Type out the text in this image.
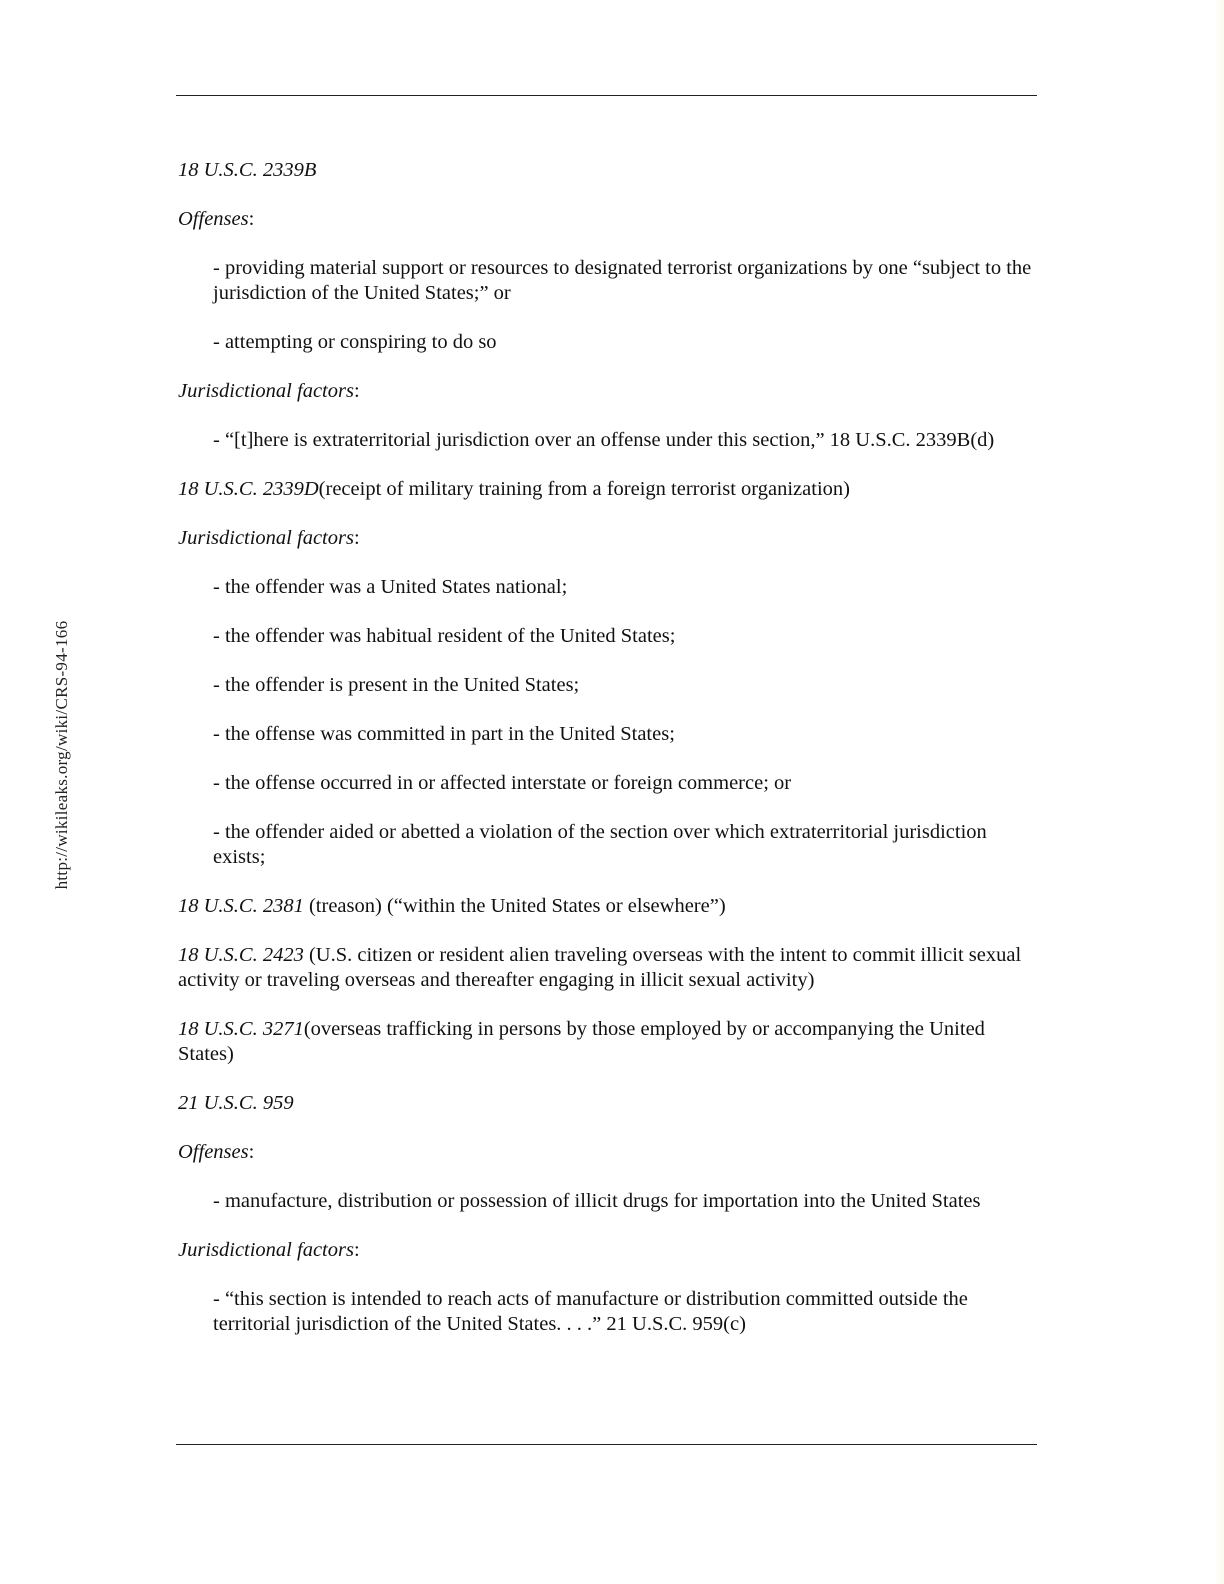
http://wikileaks.org/wiki/CRS-94-166

18 U.S.C. 2339B

Offenses:

- providing material support or resources to designated terrorist organizations by one “subject to the jurisdiction of the United States;” or

- attempting or conspiring to do so

Jurisdictional factors:

- “[t]here is extraterritorial jurisdiction over an offense under this section,” 18 U.S.C. 2339B(d)

18 U.S.C. 2339D(receipt of military training from a foreign terrorist organization)

Jurisdictional factors:

- the offender was a United States national;

- the offender was habitual resident of the United States;

- the offender is present in the United States;

- the offense was committed in part in the United States;

- the offense occurred in or affected interstate or foreign commerce; or

- the offender aided or abetted a violation of the section over which extraterritorial jurisdiction exists;

18 U.S.C. 2381 (treason) (“within the United States or elsewhere”)

18 U.S.C. 2423 (U.S. citizen or resident alien traveling overseas with the intent to commit illicit sexual activity or traveling overseas and thereafter engaging in illicit sexual activity)

18 U.S.C. 3271(overseas trafficking in persons by those employed by or accompanying the United States)

21 U.S.C. 959

Offenses:

- manufacture, distribution or possession of illicit drugs for importation into the United States

Jurisdictional factors:

- “this section is intended to reach acts of manufacture or distribution committed outside the territorial jurisdiction of the United States. . . .” 21 U.S.C. 959(c)
